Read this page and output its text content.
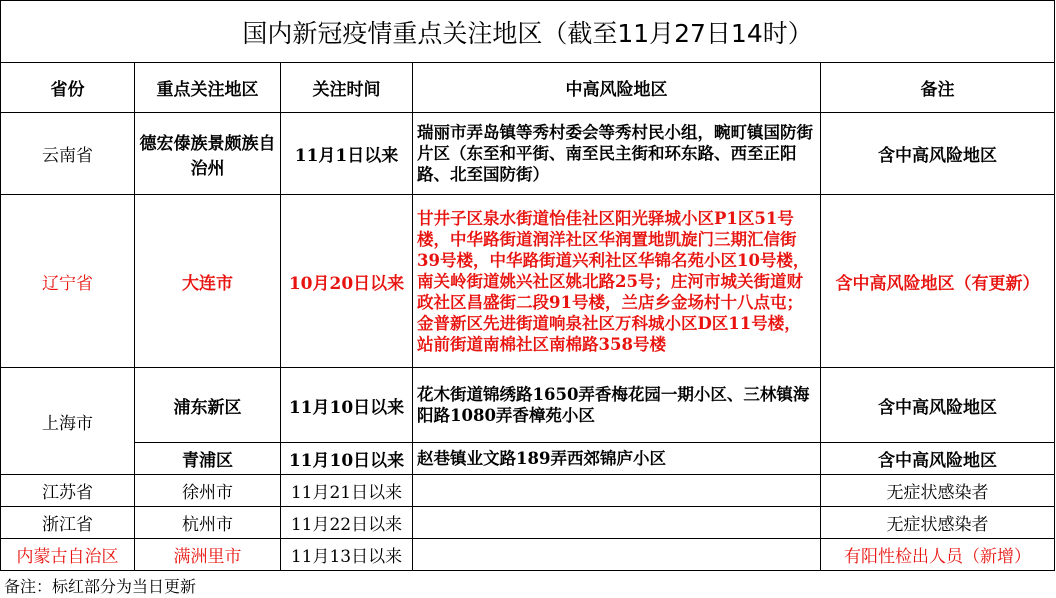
国内新冠疫情重点关注地区（截至11月27日14时）				
省份	重点关注地区	关注时间	中高风险地区	备注
云南省	德宏傣族景颇族自治州	11月1日以来	瑞丽市弄岛镇等秀村委会等秀村民小组，畹町镇国防街片区（东至和平街、南至民主街和环东路、西至正阳路、北至国防街）	含中高风险地区
辽宁省	大连市	10月20日以来	甘井子区泉水街道怡佳社区阳光驿城小区P1区51号楼，中华路街道润洋社区华润置地凯旋门三期汇信街39号楼，中华路街道兴利社区华锦名苑小区10号楼，南关岭街道姚兴社区姚北路25号；庄河市城关街道财政社区昌盛街二段91号楼，兰店乡金场村十八点屯；金普新区先进街道响泉社区万科城小区D区11号楼，站前街道南棉社区南棉路358号楼	含中高风险地区（有更新）
上海市	浦东新区	11月10日以来	花木街道锦绣路1650弄香梅花园一期小区、三林镇海阳路1080弄香樟苑小区	含中高风险地区
	青浦区	11月10日以来	赵巷镇业文路189弄西郊锦庐小区	含中高风险地区
江苏省	徐州市	11月21日以来		无症状感染者
浙江省	杭州市	11月22日以来		无症状感染者
内蒙古自治区	满洲里市	11月13日以来		有阳性检出人员（新增）
备注：标红部分为当日更新
